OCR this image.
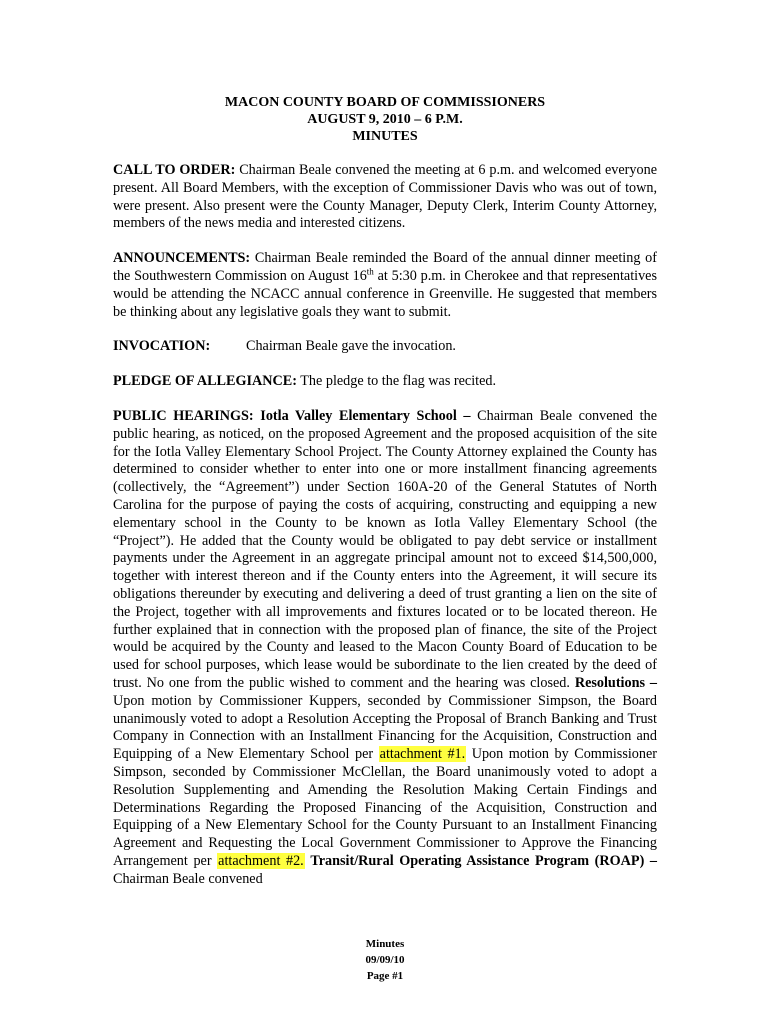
MACON COUNTY BOARD OF COMMISSIONERS
AUGUST 9, 2010 – 6 P.M.
MINUTES

CALL TO ORDER: Chairman Beale convened the meeting at 6 p.m. and welcomed everyone present. All Board Members, with the exception of Commissioner Davis who was out of town, were present. Also present were the County Manager, Deputy Clerk, Interim County Attorney, members of the news media and interested citizens.

ANNOUNCEMENTS: Chairman Beale reminded the Board of the annual dinner meeting of the Southwestern Commission on August 16th at 5:30 p.m. in Cherokee and that representatives would be attending the NCACC annual conference in Greenville. He suggested that members be thinking about any legislative goals they want to submit.

INVOCATION:	Chairman Beale gave the invocation.

PLEDGE OF ALLEGIANCE: The pledge to the flag was recited.

PUBLIC HEARINGS: Iotla Valley Elementary School – Chairman Beale convened the public hearing, as noticed, on the proposed Agreement and the proposed acquisition of the site for the Iotla Valley Elementary School Project. The County Attorney explained the County has determined to consider whether to enter into one or more installment financing agreements (collectively, the “Agreement”) under Section 160A-20 of the General Statutes of North Carolina for the purpose of paying the costs of acquiring, constructing and equipping a new elementary school in the County to be known as Iotla Valley Elementary School (the “Project”). He added that the County would be obligated to pay debt service or installment payments under the Agreement in an aggregate principal amount not to exceed $14,500,000, together with interest thereon and if the County enters into the Agreement, it will secure its obligations thereunder by executing and delivering a deed of trust granting a lien on the site of the Project, together with all improvements and fixtures located or to be located thereon. He further explained that in connection with the proposed plan of finance, the site of the Project would be acquired by the County and leased to the Macon County Board of Education to be used for school purposes, which lease would be subordinate to the lien created by the deed of trust. No one from the public wished to comment and the hearing was closed. Resolutions – Upon motion by Commissioner Kuppers, seconded by Commissioner Simpson, the Board unanimously voted to adopt a Resolution Accepting the Proposal of Branch Banking and Trust Company in Connection with an Installment Financing for the Acquisition, Construction and Equipping of a New Elementary School per attachment #1. Upon motion by Commissioner Simpson, seconded by Commissioner McClellan, the Board unanimously voted to adopt a Resolution Supplementing and Amending the Resolution Making Certain Findings and Determinations Regarding the Proposed Financing of the Acquisition, Construction and Equipping of a New Elementary School for the County Pursuant to an Installment Financing Agreement and Requesting the Local Government Commissioner to Approve the Financing Arrangement per attachment #2. Transit/Rural Operating Assistance Program (ROAP) – Chairman Beale convened

Minutes
09/09/10
Page #1
